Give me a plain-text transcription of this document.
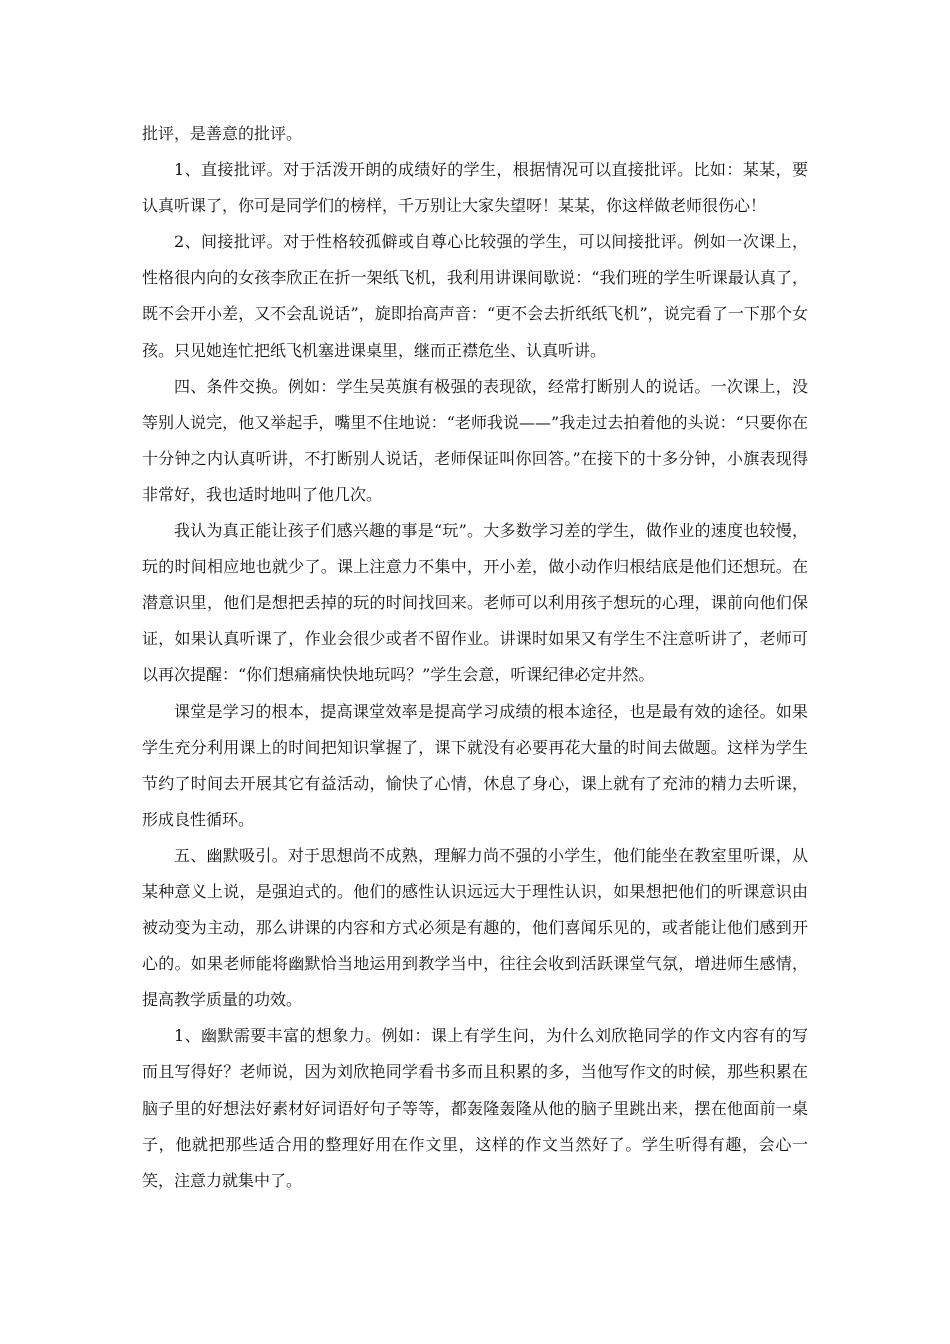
批评，是善意的批评。

1、直接批评。对于活泼开朗的成绩好的学生，根据情况可以直接批评。比如：某某，要认真听课了，你可是同学们的榜样，千万别让大家失望呀！某某，你这样做老师很伤心！

2、间接批评。对于性格较孤僻或自尊心比较强的学生，可以间接批评。例如一次课上，性格很内向的女孩李欣正在折一架纸飞机，我利用讲课间歇说：“我们班的学生听课最认真了，既不会开小差，又不会乱说话”，旋即抬高声音：“更不会去折纸纸飞机”，说完看了一下那个女孩。只见她连忙把纸飞机塞进课桌里，继而正襟危坐、认真听讲。

四、条件交换。例如：学生吴英旗有极强的表现欲，经常打断别人的说话。一次课上，没等别人说完，他又举起手，嘴里不住地说：“老师我说——”我走过去拍着他的头说：“只要你在十分钟之内认真听讲，不打断别人说话，老师保证叫你回答。”在接下的十多分钟，小旗表现得非常好，我也适时地叫了他几次。

我认为真正能让孩子们感兴趣的事是“玩”。大多数学习差的学生，做作业的速度也较慢，玩的时间相应地也就少了。课上注意力不集中，开小差，做小动作归根结底是他们还想玩。在潜意识里，他们是想把丢掉的玩的时间找回来。老师可以利用孩子想玩的心理，课前向他们保证，如果认真听课了，作业会很少或者不留作业。讲课时如果又有学生不注意听讲了，老师可以再次提醒：“你们想痛痛快快地玩吗？”学生会意，听课纪律必定井然。

课堂是学习的根本，提高课堂效率是提高学习成绩的根本途径，也是最有效的途径。如果学生充分利用课上的时间把知识掌握了，课下就没有必要再花大量的时间去做题。这样为学生节约了时间去开展其它有益活动，愉快了心情，休息了身心，课上就有了充沛的精力去听课，形成良性循环。

五、幽默吸引。对于思想尚不成熟，理解力尚不强的小学生，他们能坐在教室里听课，从某种意义上说，是强迫式的。他们的感性认识远远大于理性认识，如果想把他们的听课意识由被动变为主动，那么讲课的内容和方式必须是有趣的，他们喜闻乐见的，或者能让他们感到开心的。如果老师能将幽默恰当地运用到教学当中，往往会收到活跃课堂气氛，增进师生感情，提高教学质量的功效。

1、幽默需要丰富的想象力。例如：课上有学生问，为什么刘欣艳同学的作文内容有的写而且写得好？老师说，因为刘欣艳同学看书多而且积累的多，当他写作文的时候，那些积累在脑子里的好想法好素材好词语好句子等等，都轰隆轰隆从他的脑子里跳出来，摆在他面前一桌子，他就把那些适合用的整理好用在作文里，这样的作文当然好了。学生听得有趣，会心一笑，注意力就集中了。
